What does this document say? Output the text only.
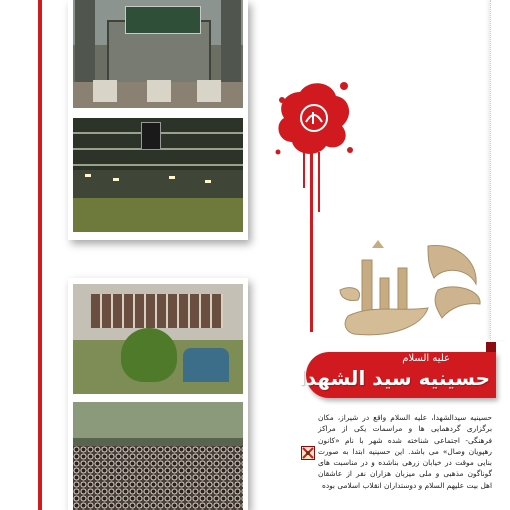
علیه السلام
حسینیه سید الشهدا
حسینیه سیدالشهدا، علیه السلام واقع در شیراز، مکان برگزاری گردهمایی ها و مراسمات یکی از مراکز فرهنگی- اجتماعی شناخته شده شهر با نام «کانون رهپویان وصال» می باشد. این حسینیه ابتدا به صورت بنایی موقت در خیابان زرهی بناشده و در مناسبت های گوناگون مذهبی و ملی میزبان هزاران نفر از عاشقان اهل بیت علیهم السلام و دوستداران انقلاب اسلامی بوده
